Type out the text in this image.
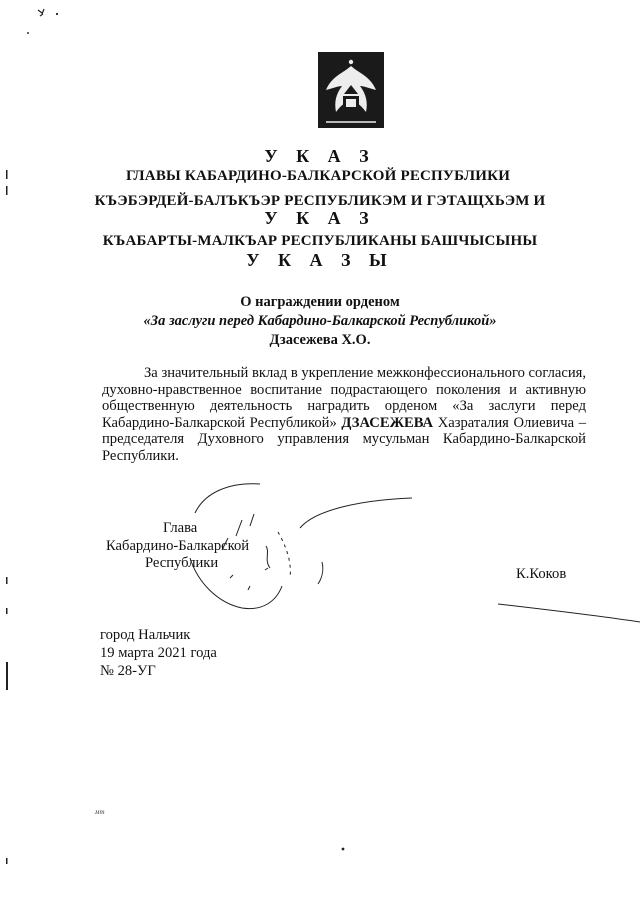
У К А З
ГЛАВЫ КАБАРДИНО-БАЛКАРСКОЙ РЕСПУБЛИКИ
КЪЭБЭРДЕЙ-БАЛЪКЪЭР РЕСПУБЛИКЭМ И ГЭТАЩХЬЭМ И
У К А З
КЪАБАРТЫ-МАЛКЪАР РЕСПУБЛИКАНЫ БАШЧЫСЫНЫ
У К А З Ы
О награждении орденом
«За заслуги перед Кабардино-Балкарской Республикой»
Дзасежева Х.О.
За значительный вклад в укрепление межконфессионального согласия, духовно-нравственное воспитание подрастающего поколения и активную общественную деятельность наградить орденом «За заслуги перед Кабардино-Балкарской Республикой» ДЗАСЕЖЕВА Хазраталия Олиевича – председателя Духовного управления мусульман Кабардино-Балкарской Республики.
Глава
Кабардино-Балкарской
Республики
К.Коков
город Нальчик
19 марта 2021 года
№ 28-УГ
мт
